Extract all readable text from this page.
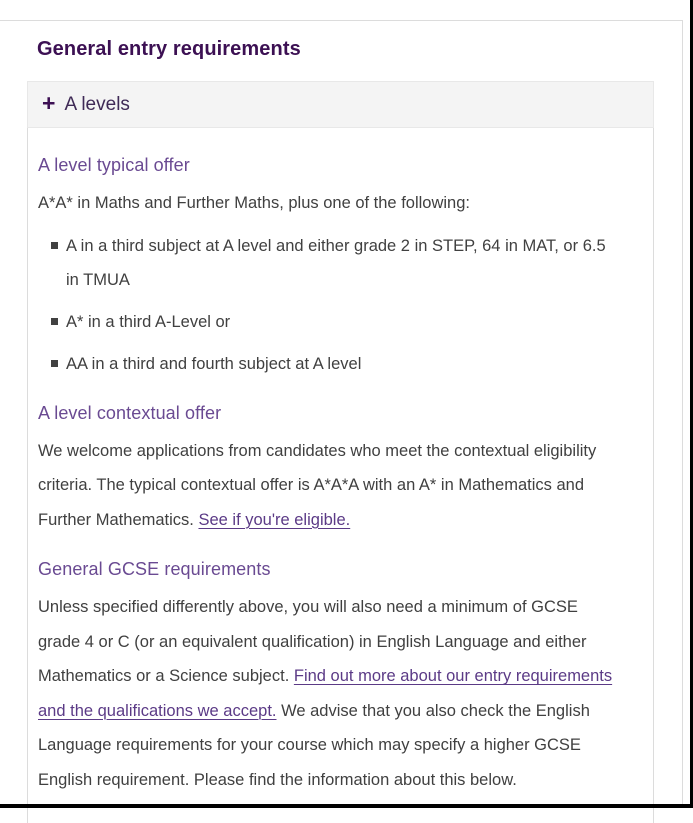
General entry requirements
+ A levels
A level typical offer

A*A* in Maths and Further Maths, plus one of the following:

A in a third subject at A level and either grade 2 in STEP, 64 in MAT, or 6.5 in TMUA
A* in a third A-Level or
AA in a third and fourth subject at A level
A level contextual offer

We welcome applications from candidates who meet the contextual eligibility criteria. The typical contextual offer is A*A*A with an A* in Mathematics and Further Mathematics. See if you're eligible.

General GCSE requirements

Unless specified differently above, you will also need a minimum of GCSE grade 4 or C (or an equivalent qualification) in English Language and either Mathematics or a Science subject. Find out more about our entry requirements and the qualifications we accept. We advise that you also check the English Language requirements for your course which may specify a higher GCSE English requirement. Please find the information about this below.
